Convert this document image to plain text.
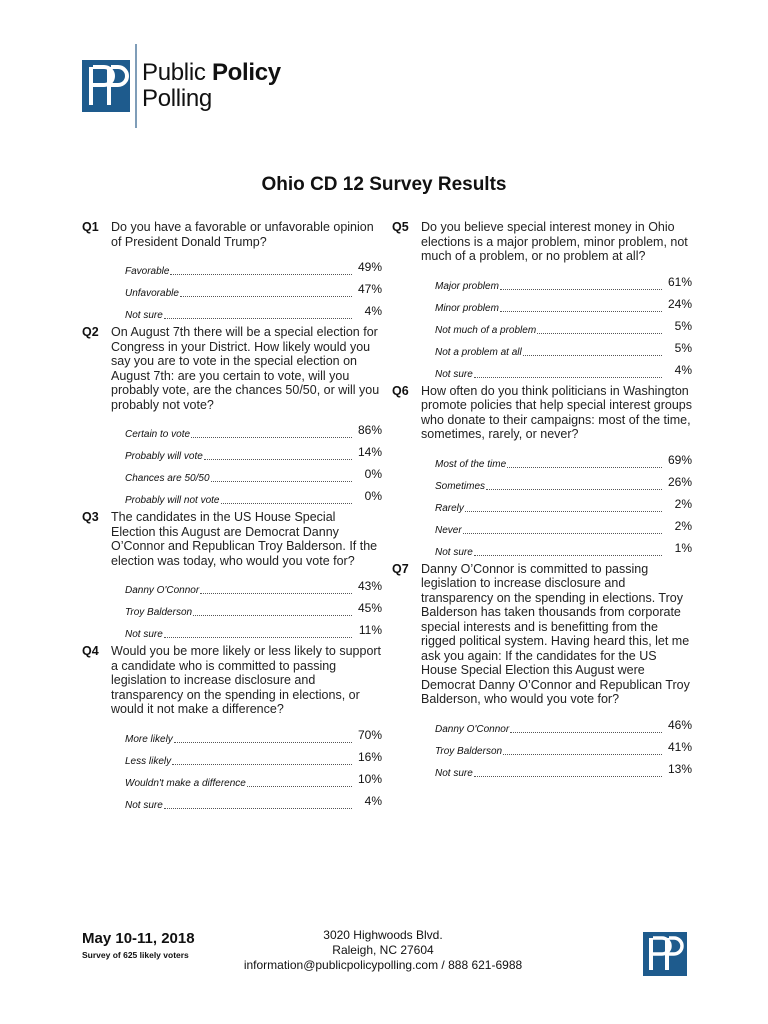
Public Policy
Polling
Ohio CD 12 Survey Results
Q1 Do you have a favorable or unfavorable opinion of President Donald Trump?
Favorable	49%
Unfavorable	47%
Not sure	4%
Q2 On August 7th there will be a special election for Congress in your District. How likely would you say you are to vote in the special election on August 7th: are you certain to vote, will you probably vote, are the chances 50/50, or will you probably not vote?
Certain to vote	86%
Probably will vote	14%
Chances are 50/50	0%
Probably will not vote	0%
Q3 The candidates in the US House Special Election this August are Democrat Danny O’Connor and Republican Troy Balderson. If the election was today, who would you vote for?
Danny O'Connor	43%
Troy Balderson	45%
Not sure	11%
Q4 Would you be more likely or less likely to support a candidate who is committed to passing legislation to increase disclosure and transparency on the spending in elections, or would it not make a difference?
More likely	70%
Less likely	16%
Wouldn't make a difference	10%
Not sure	4%
Q5 Do you believe special interest money in Ohio elections is a major problem, minor problem, not much of a problem, or no problem at all?
Major problem	61%
Minor problem	24%
Not much of a problem	5%
Not a problem at all	5%
Not sure	4%
Q6 How often do you think politicians in Washington promote policies that help special interest groups who donate to their campaigns: most of the time, sometimes, rarely, or never?
Most of the time	69%
Sometimes	26%
Rarely	2%
Never	2%
Not sure	1%
Q7 Danny O’Connor is committed to passing legislation to increase disclosure and transparency on the spending in elections. Troy Balderson has taken thousands from corporate special interests and is benefitting from the rigged political system. Having heard this, let me ask you again: If the candidates for the US House Special Election this August were Democrat Danny O’Connor and Republican Troy Balderson, who would you vote for?
Danny O'Connor	46%
Troy Balderson	41%
Not sure	13%
May 10-11, 2018
Survey of 625 likely voters
3020 Highwoods Blvd.
Raleigh, NC 27604
information@publicpolicypolling.com / 888 621-6988
